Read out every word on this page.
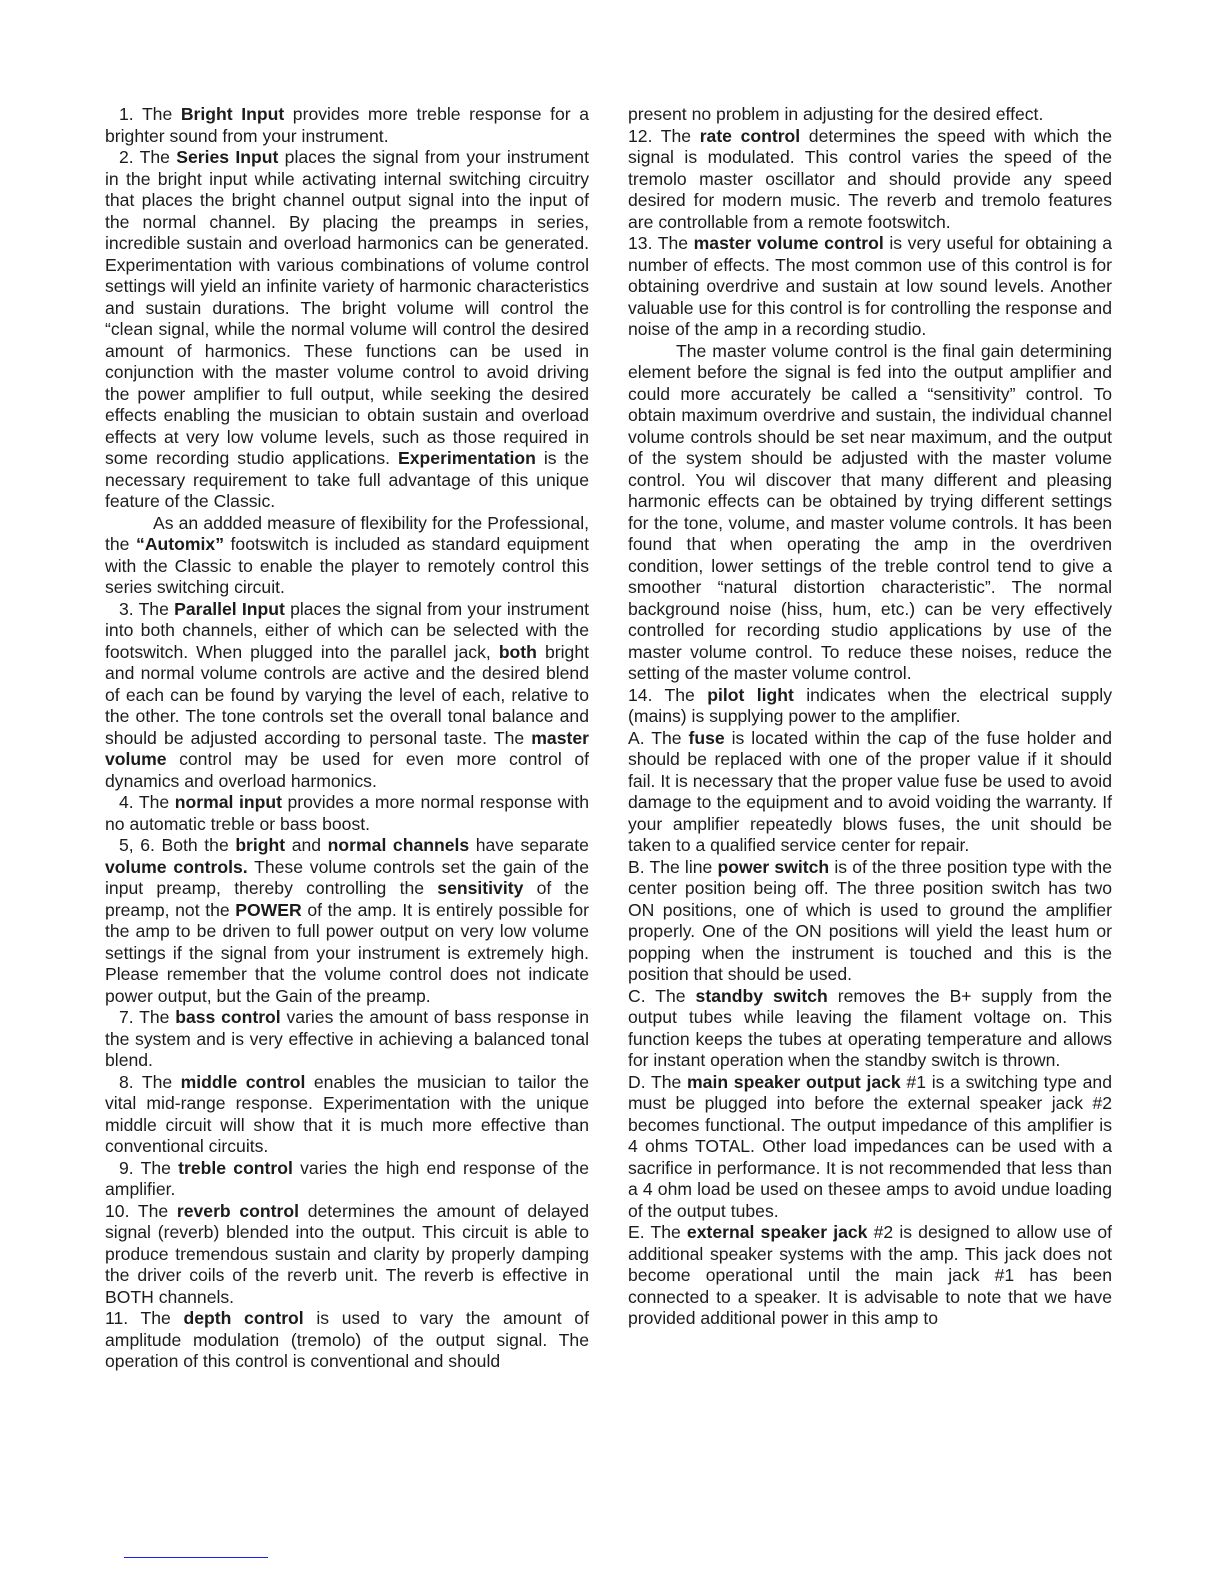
1. The Bright Input provides more treble response for a brighter sound from your instrument.

2. The Series Input places the signal from your instrument in the bright input while activating internal switching circuitry that places the bright channel output signal into the input of the normal channel. By placing the preamps in series, incredible sustain and overload harmonics can be generated. Experimentation with various combinations of volume control settings will yield an infinite variety of harmonic characteristics and sustain durations. The bright volume will control the “clean signal, while the normal volume will control the desired amount of harmonics. These functions can be used in conjunction with the master volume control to avoid driving the power amplifier to full output, while seeking the desired effects enabling the musician to obtain sustain and overload effects at very low volume levels, such as those required in some recording studio applications. Experimentation is the necessary requirement to take full advantage of this unique feature of the Classic.

As an addded measure of flexibility for the Professional, the “Automix” footswitch is included as standard equipment with the Classic to enable the player to remotely control this series switching circuit.

3. The Parallel Input places the signal from your instrument into both channels, either of which can be selected with the footswitch. When plugged into the parallel jack, both bright and normal volume controls are active and the desired blend of each can be found by varying the level of each, relative to the other. The tone controls set the overall tonal balance and should be adjusted according to personal taste. The master volume control may be used for even more control of dynamics and overload harmonics.

4. The normal input provides a more normal response with no automatic treble or bass boost.

5, 6. Both the bright and normal channels have separate volume controls. These volume controls set the gain of the input preamp, thereby controlling the sensitivity of the preamp, not the POWER of the amp. It is entirely possible for the amp to be driven to full power output on very low volume settings if the signal from your instrument is extremely high. Please remember that the volume control does not indicate power output, but the Gain of the preamp.

7. The bass control varies the amount of bass response in the system and is very effective in achieving a balanced tonal blend.

8. The middle control enables the musician to tailor the vital mid-range response. Experimentation with the unique middle circuit will show that it is much more effective than conventional circuits.

9. The treble control varies the high end response of the amplifier.

10. The reverb control determines the amount of delayed signal (reverb) blended into the output. This circuit is able to produce tremendous sustain and clarity by properly damping the driver coils of the reverb unit. The reverb is effective in BOTH channels.

11. The depth control is used to vary the amount of amplitude modulation (tremolo) of the output signal. The operation of this control is conventional and should

present no problem in adjusting for the desired effect.

12. The rate control determines the speed with which the signal is modulated. This control varies the speed of the tremolo master oscillator and should provide any speed desired for modern music. The reverb and tremolo features are controllable from a remote footswitch.

13. The master volume control is very useful for obtaining a number of effects. The most common use of this control is for obtaining overdrive and sustain at low sound levels. Another valuable use for this control is for controlling the response and noise of the amp in a recording studio.

The master volume control is the final gain determining element before the signal is fed into the output amplifier and could more accurately be called a “sensitivity” control. To obtain maximum overdrive and sustain, the individual channel volume controls should be set near maximum, and the output of the system should be adjusted with the master volume control. You wil discover that many different and pleasing harmonic effects can be obtained by trying different settings for the tone, volume, and master volume controls. It has been found that when operating the amp in the overdriven condition, lower settings of the treble control tend to give a smoother “natural distortion characteristic”. The normal background noise (hiss, hum, etc.) can be very effectively controlled for recording studio applications by use of the master volume control. To reduce these noises, reduce the setting of the master volume control.

14. The pilot light indicates when the electrical supply (mains) is supplying power to the amplifier.

A. The fuse is located within the cap of the fuse holder and should be replaced with one of the proper value if it should fail. It is necessary that the proper value fuse be used to avoid damage to the equipment and to avoid voiding the warranty. If your amplifier repeatedly blows fuses, the unit should be taken to a qualified service center for repair.

B. The line power switch is of the three position type with the center position being off. The three position switch has two ON positions, one of which is used to ground the amplifier properly. One of the ON positions will yield the least hum or popping when the instrument is touched and this is the position that should be used.

C. The standby switch removes the B+ supply from the output tubes while leaving the filament voltage on. This function keeps the tubes at operating temperature and allows for instant operation when the standby switch is thrown.

D. The main speaker output jack #1 is a switching type and must be plugged into before the external speaker jack #2 becomes functional. The output impedance of this amplifier is 4 ohms TOTAL. Other load impedances can be used with a sacrifice in performance. It is not recommended that less than a 4 ohm load be used on thesee amps to avoid undue loading of the output tubes.

E. The external speaker jack #2 is designed to allow use of additional speaker systems with the amp. This jack does not become operational until the main jack #1 has been connected to a speaker. It is advisable to note that we have provided additional power in this amp to
